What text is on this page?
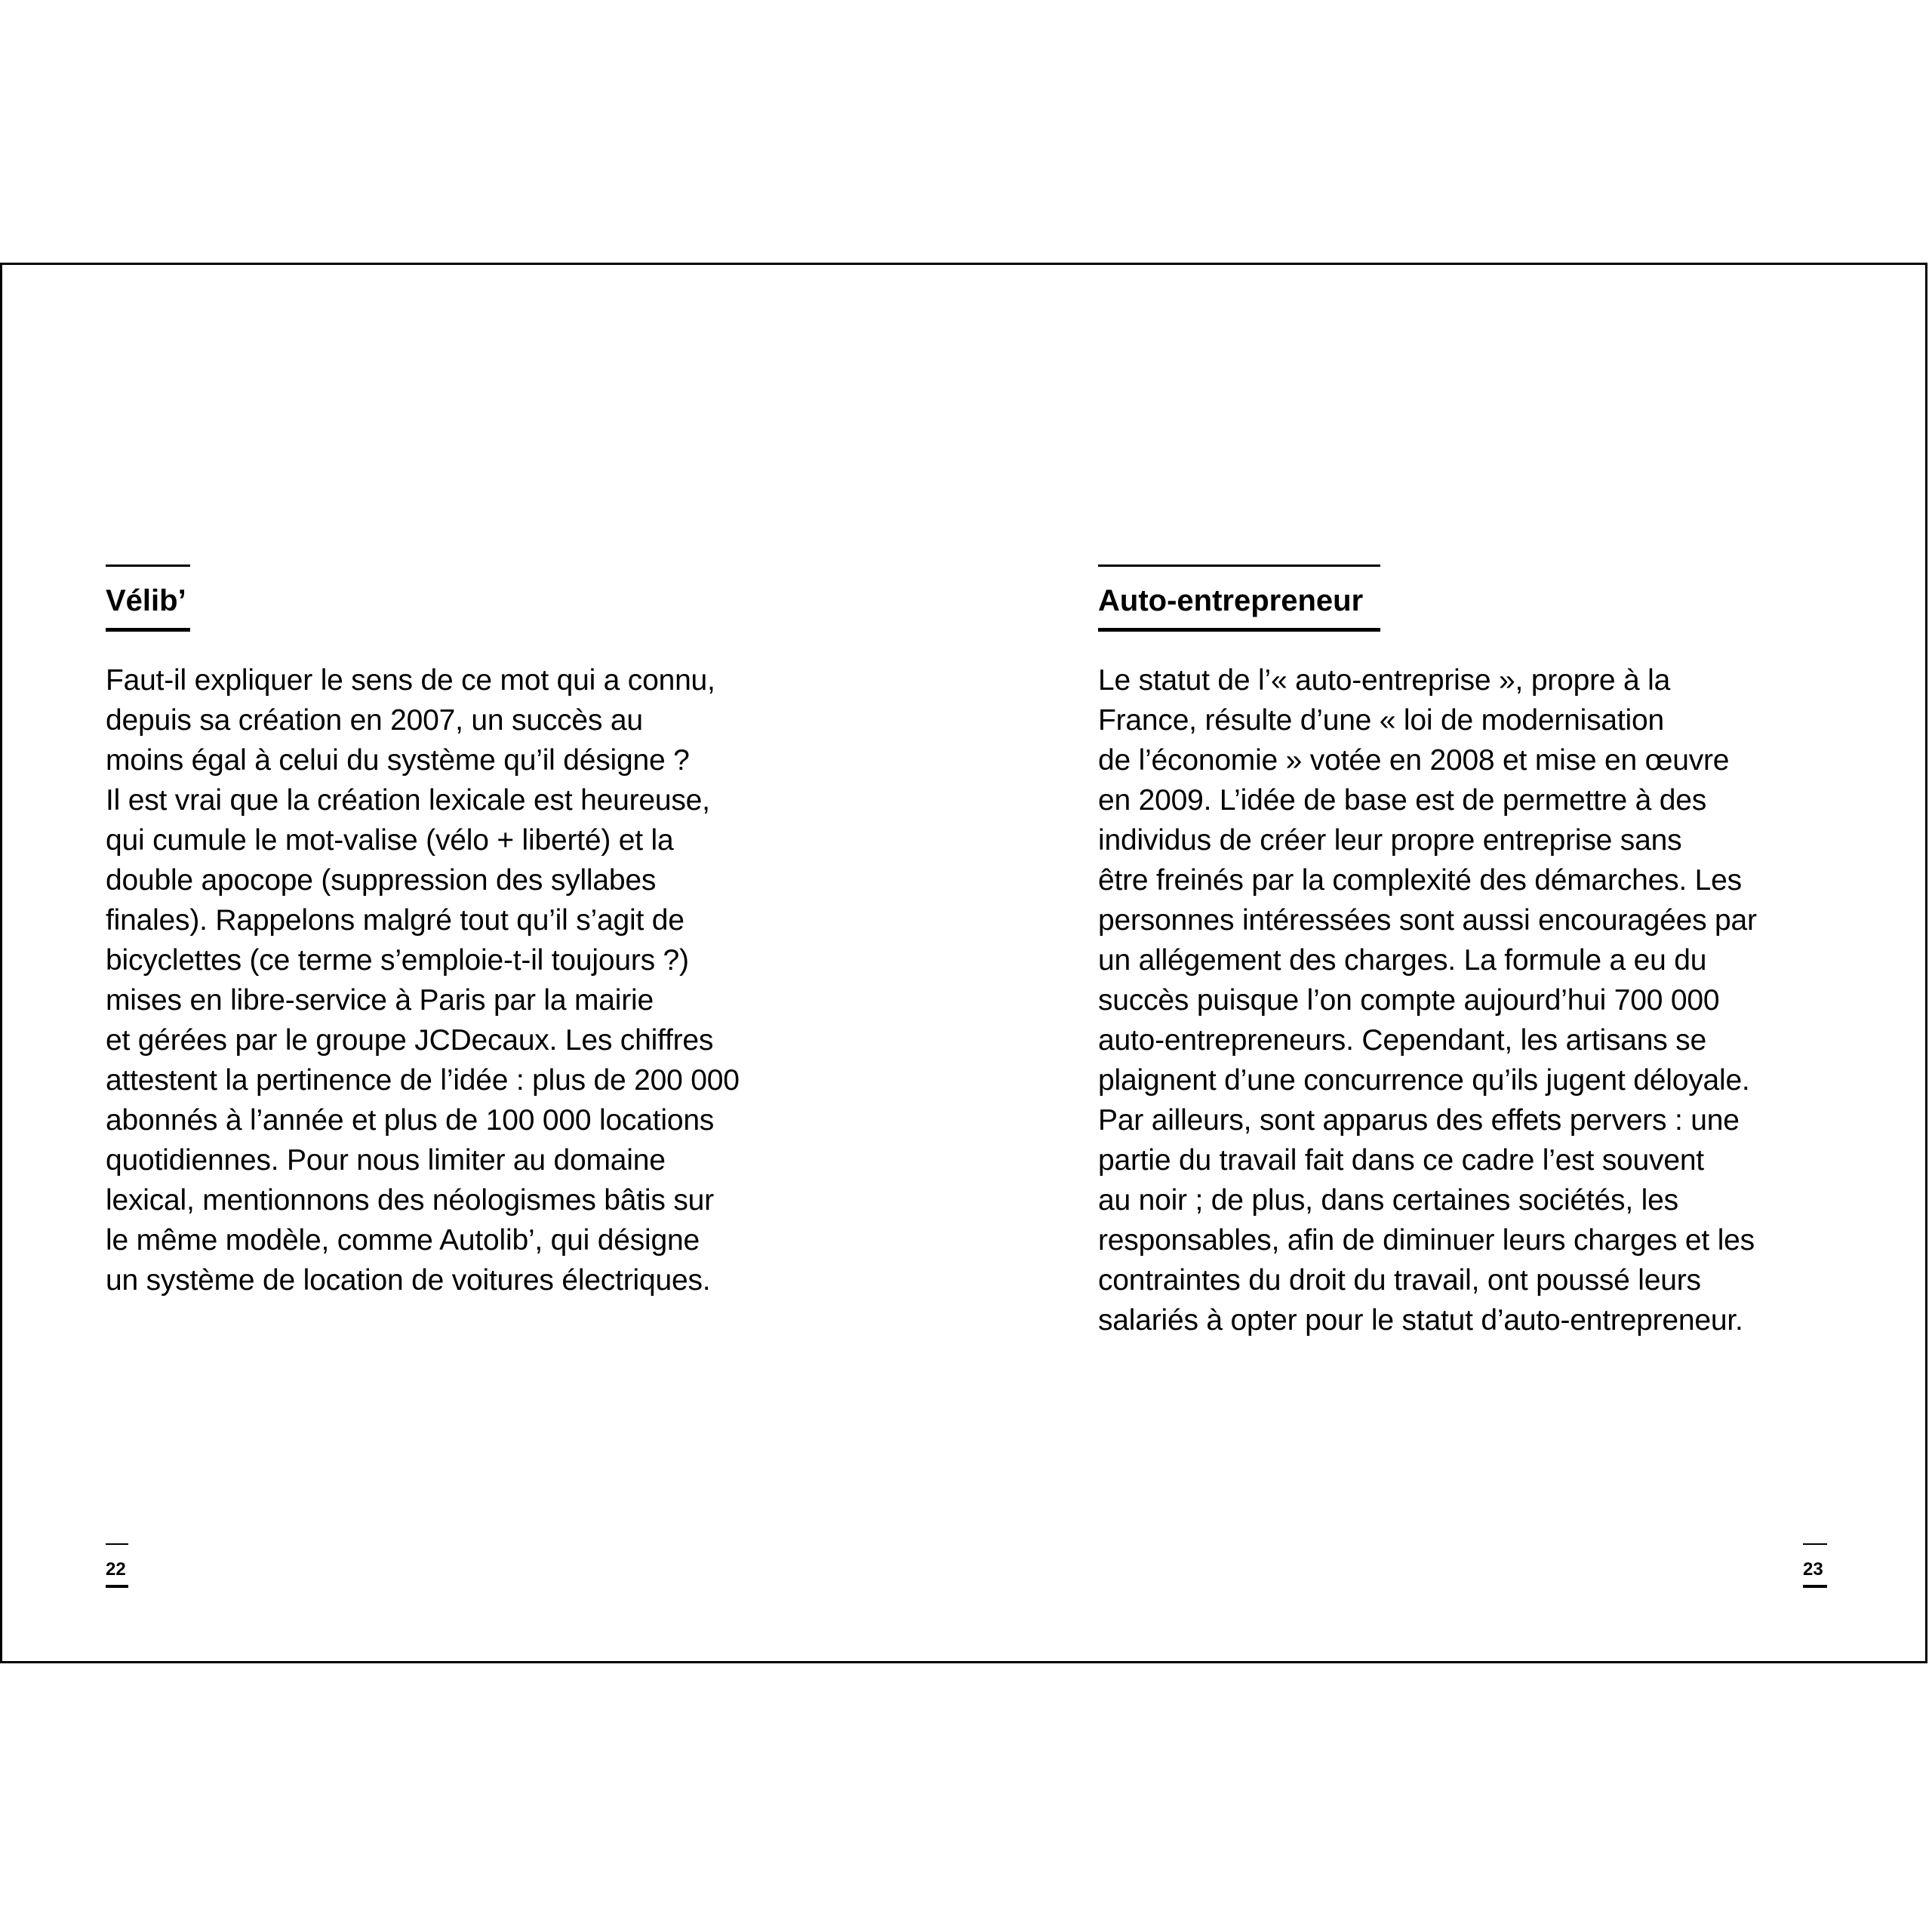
Vélib’
Faut-il expliquer le sens de ce mot qui a connu,
depuis sa création en 2007, un succès au
moins égal à celui du système qu’il désigne ?
Il est vrai que la création lexicale est heureuse,
qui cumule le mot-valise (vélo + liberté) et la
double apocope (suppression des syllabes
finales). Rappelons malgré tout qu’il s’agit de
bicyclettes (ce terme s’emploie-t-il toujours ?)
mises en libre-service à Paris par la mairie
et gérées par le groupe JCDecaux. Les chiffres
attestent la pertinence de l’idée : plus de 200 000
abonnés à l’année et plus de 100 000 locations
quotidiennes. Pour nous limiter au domaine
lexical, mentionnons des néologismes bâtis sur
le même modèle, comme Autolib’, qui désigne
un système de location de voitures électriques.
22
Auto-entrepreneur
Le statut de l’« auto-entreprise », propre à la
France, résulte d’une « loi de modernisation
de l’économie » votée en 2008 et mise en œuvre
en 2009. L’idée de base est de permettre à des
individus de créer leur propre entreprise sans
être freinés par la complexité des démarches. Les
personnes intéressées sont aussi encouragées par
un allégement des charges. La formule a eu du
succès puisque l’on compte aujourd’hui 700 000
auto-entrepreneurs. Cependant, les artisans se
plaignent d’une concurrence qu’ils jugent déloyale.
Par ailleurs, sont apparus des effets pervers : une
partie du travail fait dans ce cadre l’est souvent
au noir ; de plus, dans certaines sociétés, les
responsables, afin de diminuer leurs charges et les
contraintes du droit du travail, ont poussé leurs
salariés à opter pour le statut d’auto-entrepreneur.
23
